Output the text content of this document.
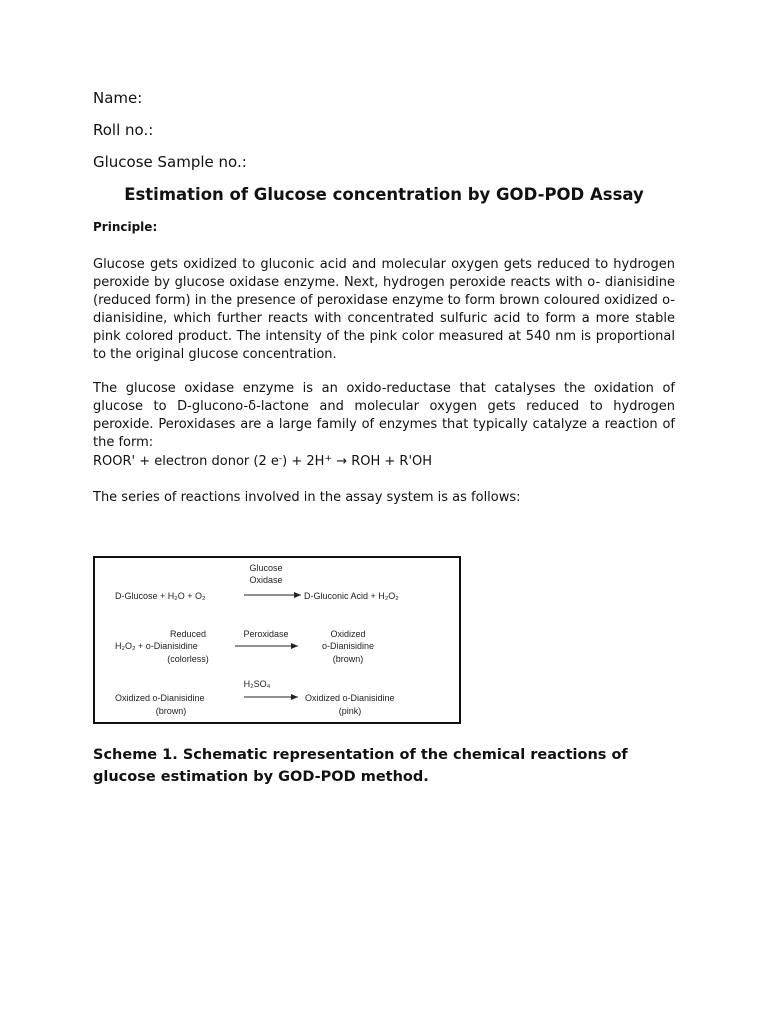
Name:
Roll no.:
Glucose Sample no.:
Estimation of Glucose concentration by GOD-POD Assay
Principle:
Glucose gets oxidized to gluconic acid and molecular oxygen gets reduced to hydrogen peroxide by glucose oxidase enzyme. Next, hydrogen peroxide reacts with o- dianisidine (reduced form) in the presence of peroxidase enzyme to form brown coloured oxidized o-dianisidine, which further reacts with concentrated sulfuric acid to form a more stable pink colored product. The intensity of the pink color measured at 540 nm is proportional to the original glucose concentration.
The glucose oxidase enzyme is an oxido-reductase that catalyses the oxidation of glucose to D-glucono-δ-lactone and molecular oxygen gets reduced to hydrogen peroxide. Peroxidases are a large family of enzymes that typically catalyze a reaction of the form:
ROOR' + electron donor (2 e-) + 2H+ → ROH + R'OH
The series of reactions involved in the assay system is as follows:
D-Glucose + H₂O + O₂
Glucose
Oxidase
D-Gluconic Acid + H₂O₂
Reduced
H₂O₂ + o-Dianisidine
(colorless)
Peroxidase	Oxidized
o-Dianisidine
(brown)
H₂SO₄
Oxidized o-Dianisidine
(brown)
Oxidized o-Dianisidine
(pink)
Scheme 1. Schematic representation of the chemical reactions of glucose estimation by GOD-POD method.
